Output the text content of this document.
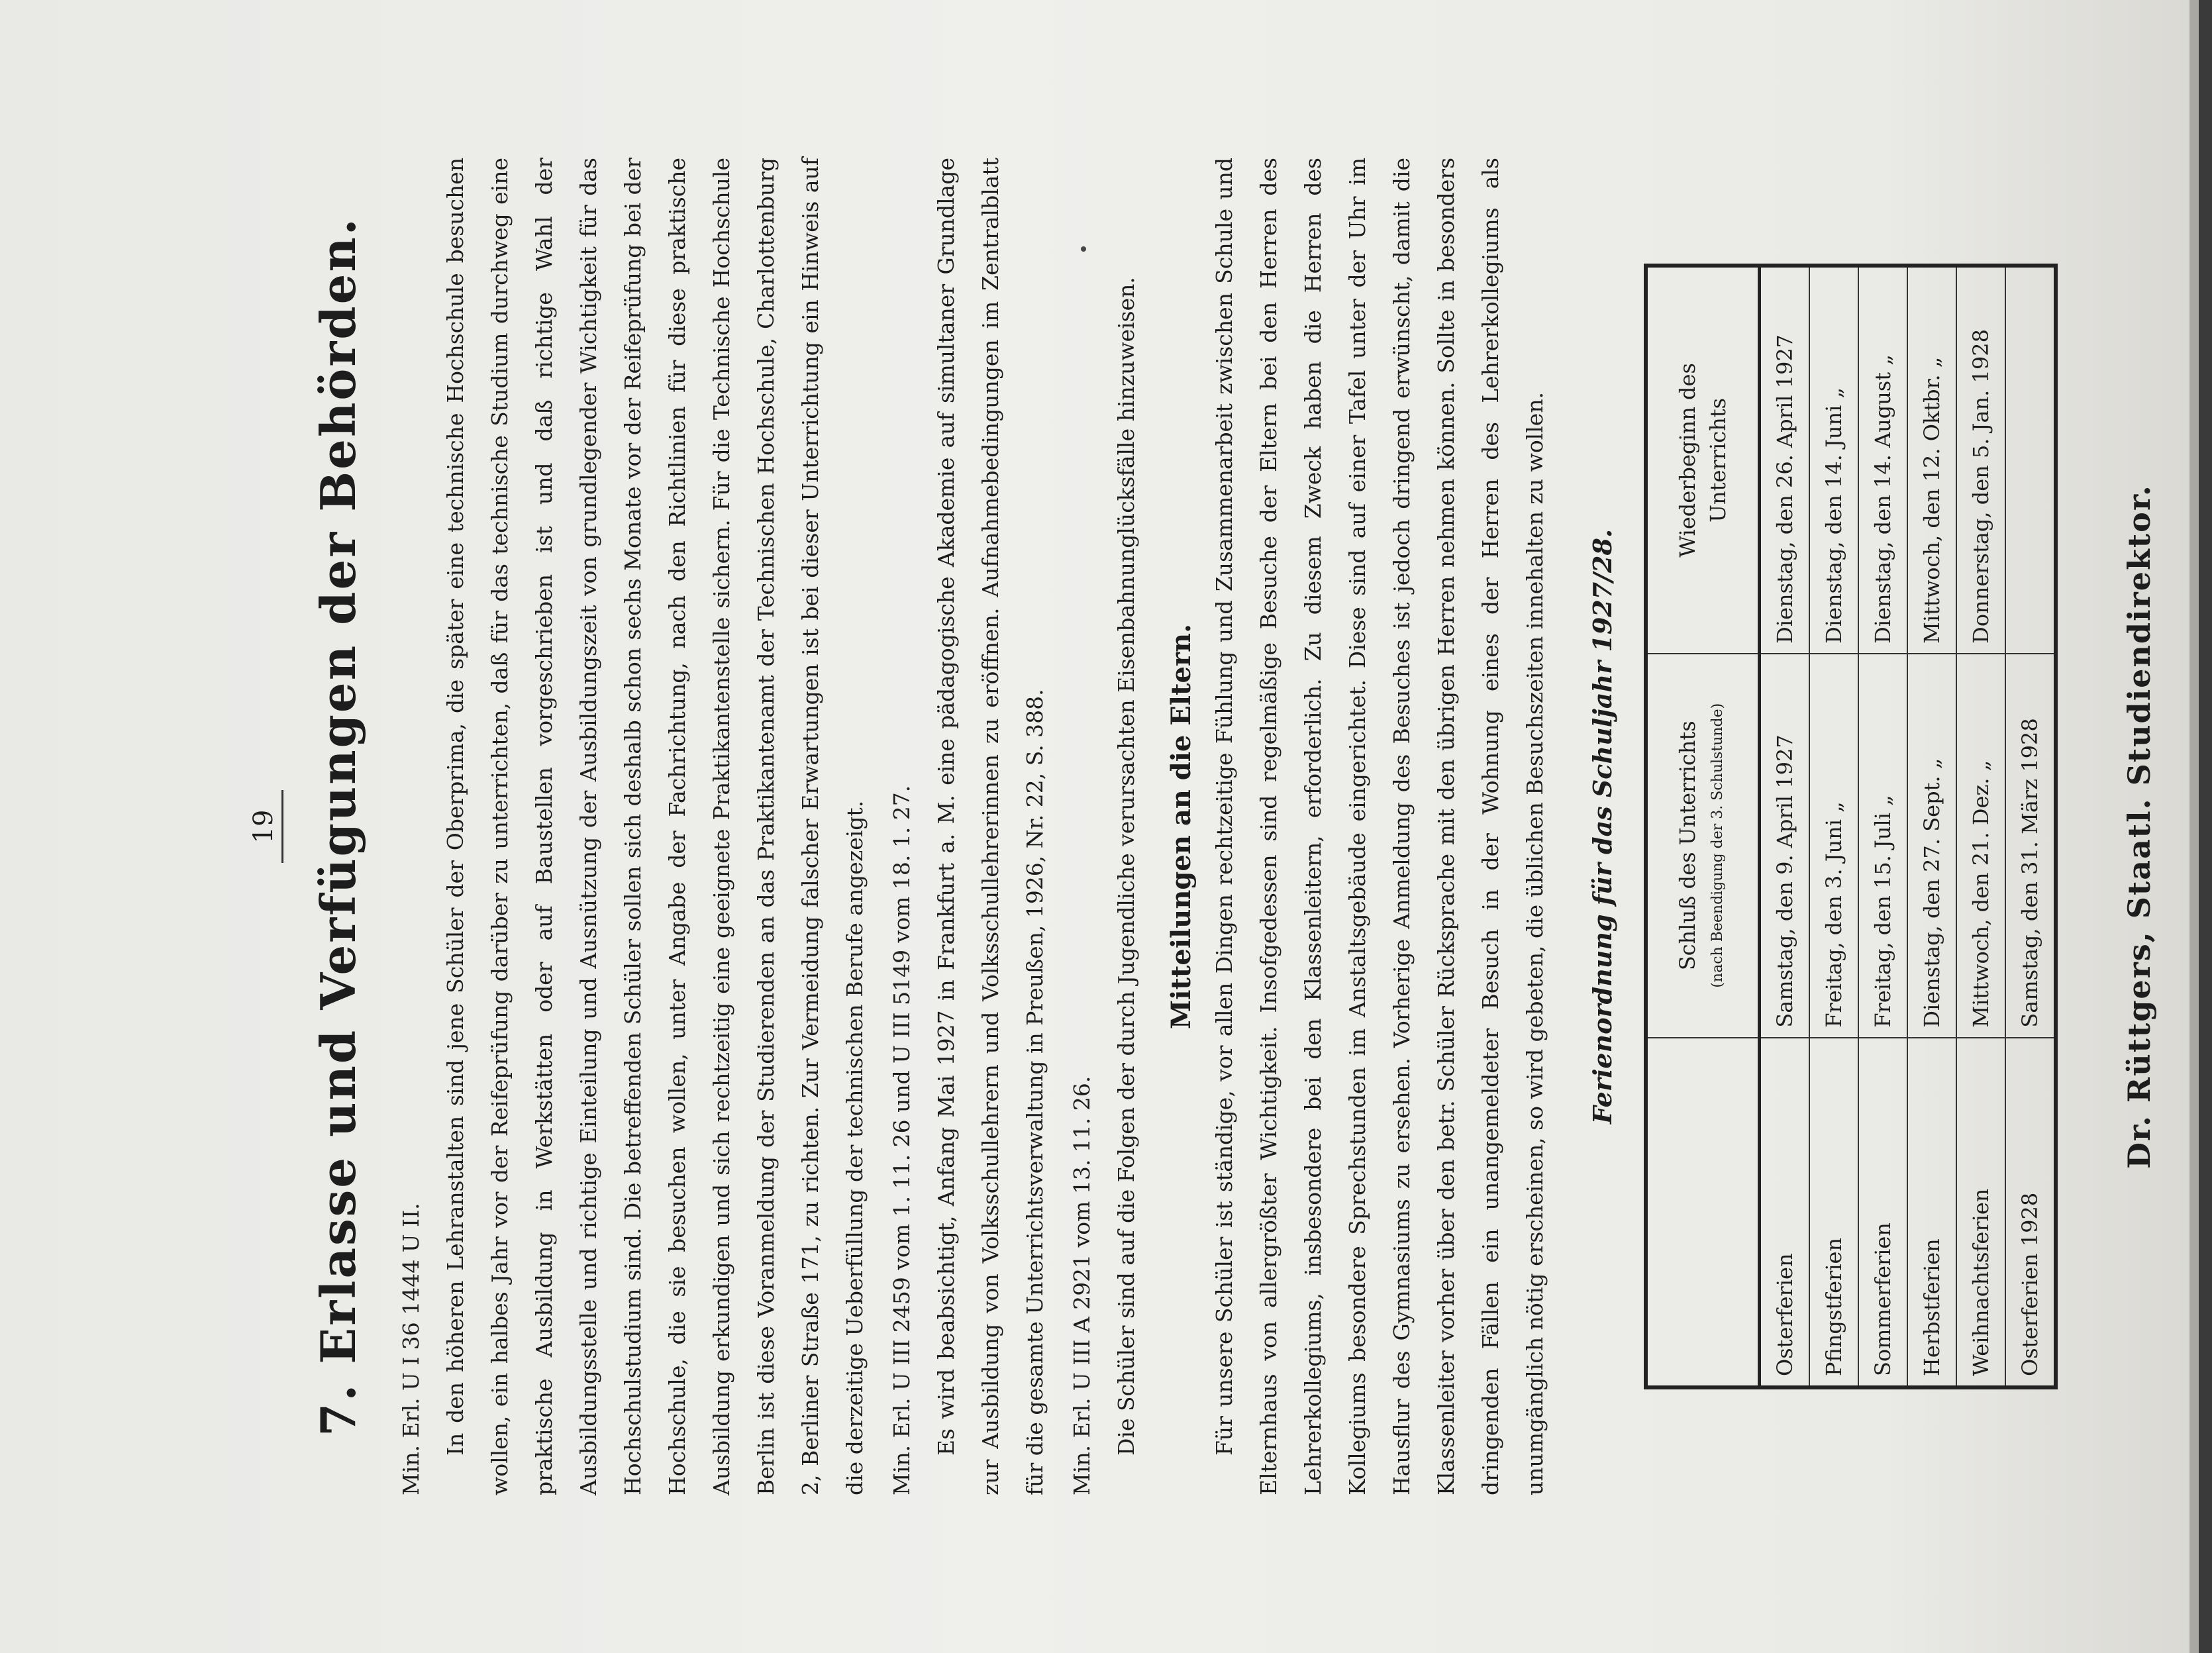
19 7. Erlasse und Verfügungen der Behörden.	Min. Erl. U I 36 1444 U II. In den höheren Lehranstalten sind jene Schüler der Oberprima, die später eine technische Hochschule besuchen wollen, ein halbes Jahr vor der Reifeprüfung darüber zu unterrichten, daß für das technische Studium durchweg eine praktische Ausbildung in Werkstätten oder auf Baustellen vorgeschrieben ist und daß richtige Wahl der Ausbildungsstelle und richtige Einteilung und Ausnützung der Ausbildungszeit von grundlegender Wichtigkeit für das Hochschulstudium sind. Die betreffenden Schüler sollen sich deshalb schon sechs Monate vor der Reifeprüfung bei der Hochschule, die sie besuchen wollen, unter Angabe der Fachrichtung, nach den Richtlinien für diese praktische Ausbildung erkundigen und sich rechtzeitig eine geeignete Praktikantenstelle sichern. Für die Technische Hochschule Berlin ist diese Voranmeldung der Studierenden an das Praktikantenamt der Technischen Hochschule, Charlottenburg 2, Berliner Straße 171, zu richten. Zur Vermeidung falscher Erwartungen ist bei dieser Unterrichtung ein Hinweis auf die derzeitige Ueberfüllung der technischen Berufe angezeigt. Min. Erl. U III 2459 vom 1. 11. 26 und U III 5149 vom 18. 1. 27. Es wird beabsichtigt, Anfang Mai 1927 in Frankfurt a. M. eine pädagogische Akademie auf simultaner Grundlage zur Ausbildung von Volksschullehrern und Volksschullehrerinnen zu eröffnen. Aufnahmebedingungen im Zentralblatt für die gesamte Unterrichtsverwaltung in Preußen, 1926, Nr. 22, S. 388. Min. Erl. U III A 2921 vom 13. 11. 26. Die Schüler sind auf die Folgen der durch Jugendliche verursachten Eisenbahnunglücksfälle hinzuweisen.	Mitteilungen an die Eltern. Für unsere Schüler ist ständige, vor allen Dingen rechtzeitige Fühlung und Zusammenarbeit zwischen Schule und Elternhaus von allergrößter Wichtigkeit. Insofgedessen sind regelmäßige Besuche der Eltern bei den Herren des Lehrerkollegiums, insbesondere bei den Klassenleitern, erforderlich. Zu diesem Zweck haben die Herren des Kollegiums besondere Sprechstunden im Anstaltsgebäude eingerichtet. Diese sind auf einer Tafel unter der Uhr im Hausflur des Gymnasiums zu ersehen. Vorherige Anmeldung des Besuches ist jedoch dringend erwünscht, damit die Klassenleiter vorher über den betr. Schüler Rücksprache mit den übrigen Herren nehmen können. Sollte in besonders dringenden Fällen ein unangemeldeter Besuch in der Wohnung eines der Herren des Lehrerkollegiums als unumgänglich nötig erscheinen, so wird gebeten, die üblichen Besuchszeiten innehalten zu wollen.	Ferienordnung für das Schuljahr 1927/28.
		Schluß des Unterrichts (nach Beendigung der 3. Schulstunde)	Wiederbeginn des Unterrichts
Osterferien	Samstag, den 9. April 1927	Dienstag, den 26. April 1927
Pfingstferien	Freitag, den 3. Juni „	Dienstag, den 14. Juni „
Sommerferien	Freitag, den 15. Juli „	Dienstag, den 14. August „
Herbstferien	Dienstag, den 27. Sept. „	Mittwoch, den 12. Oktbr. „
Weihnachtsferien	Mittwoch, den 21. Dez. „	Donnerstag, den 5. Jan. 1928
Osterferien 1928	Samstag, den 31. März 1928		Dr. Rüttgers, Staatl. Studiendirektor.
